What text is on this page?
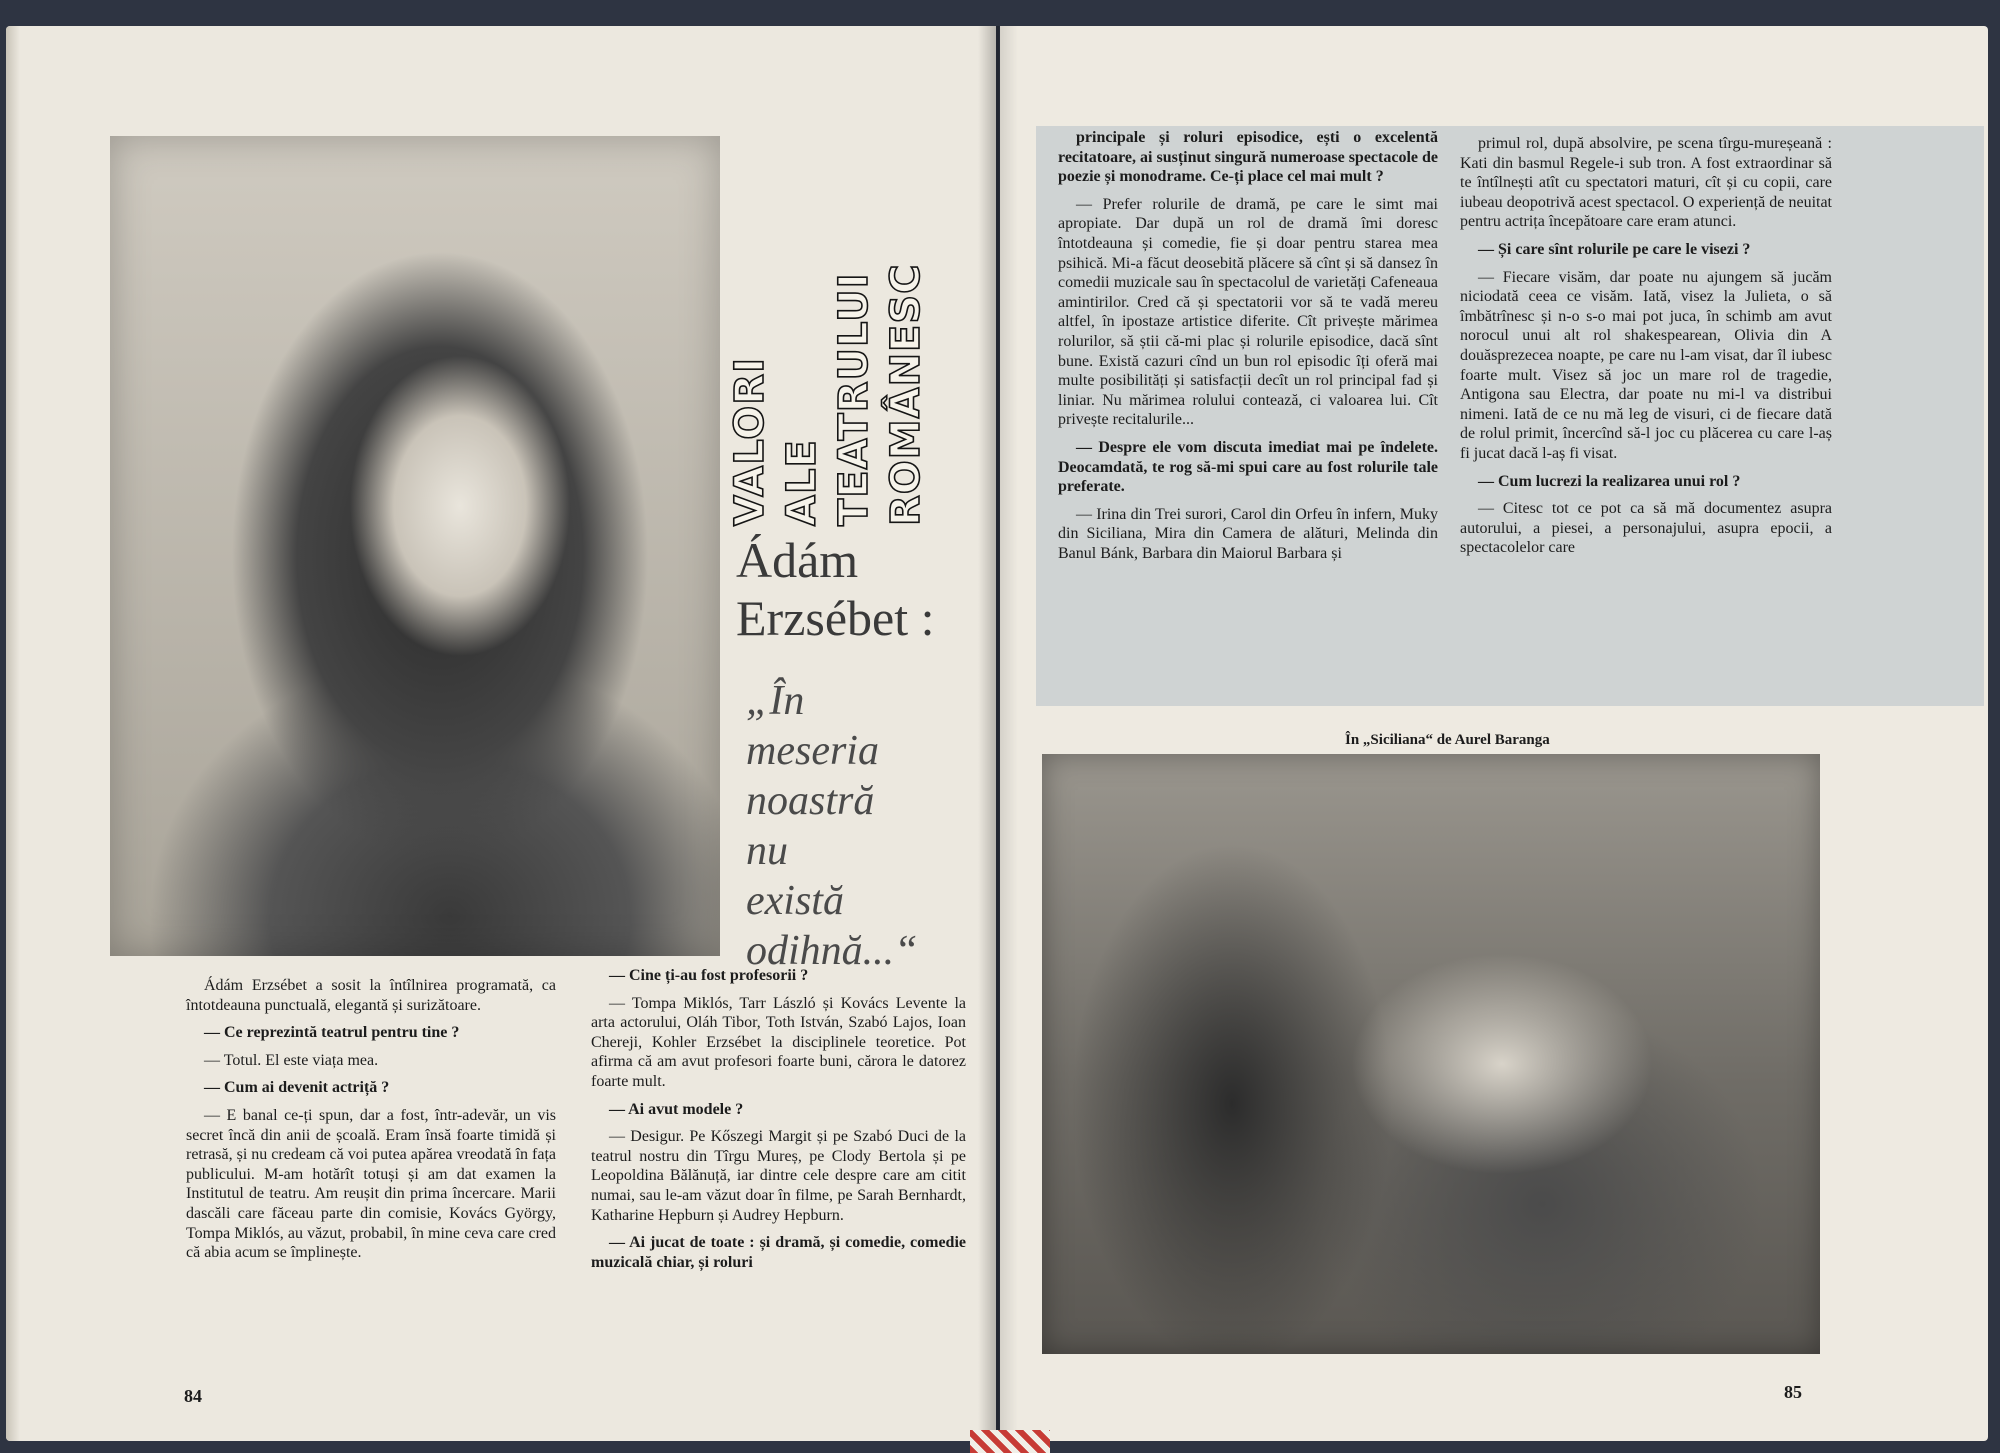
VALORI ALE TEATRULUI ROMÂNESC
Ádám
Erzsébet :
„În
meseria
noastră
nu
există
odihnă...“

Ádám Erzsébet a sosit la întîlnirea programată, ca întotdeauna punctuală, elegantă și surizătoare.

— Ce reprezintă teatrul pentru tine ?

— Totul. El este viața mea.

— Cum ai devenit actriță ?

— E banal ce-ți spun, dar a fost, într-adevăr, un vis secret încă din anii de școală. Eram însă foarte timidă și retrasă, și nu credeam că voi putea apărea vreodată în fața publicului. M-am hotărît totuși și am dat examen la Institutul de teatru. Am reușit din prima încercare. Marii dascăli care făceau parte din comisie, Kovács György, Tompa Miklós, au văzut, probabil, în mine ceva care cred că abia acum se împlinește.

— Cine ți-au fost profesorii ?

— Tompa Miklós, Tarr László și Kovács Levente la arta actorului, Oláh Tibor, Toth István, Szabó Lajos, Ioan Chereji, Kohler Erzsébet la disciplinele teoretice. Pot afirma că am avut profesori foarte buni, cărora le datorez foarte mult.

— Ai avut modele ?

— Desigur. Pe Kőszegi Margit și pe Szabó Duci de la teatrul nostru din Tîrgu Mureș, pe Clody Bertola și pe Leopoldina Bălănuță, iar dintre cele despre care am citit numai, sau le-am văzut doar în filme, pe Sarah Bernhardt, Katharine Hepburn și Audrey Hepburn.

— Ai jucat de toate : și dramă, și comedie, comedie muzicală chiar, și roluri

84

principale și roluri episodice, ești o excelentă recitatoare, ai susținut singură numeroase spectacole de poezie și monodrame. Ce-ți place cel mai mult ?

— Prefer rolurile de dramă, pe care le simt mai apropiate. Dar după un rol de dramă îmi doresc întotdeauna și comedie, fie și doar pentru starea mea psihică. Mi-a făcut deosebită plăcere să cînt și să dansez în comedii muzicale sau în spectacolul de varietăți Cafeneaua amintirilor. Cred că și spectatorii vor să te vadă mereu altfel, în ipostaze artistice diferite. Cît privește mărimea rolurilor, să știi că-mi plac și rolurile episodice, dacă sînt bune. Există cazuri cînd un bun rol episodic îți oferă mai multe posibilități și satisfacții decît un rol principal fad și liniar. Nu mărimea rolului contează, ci valoarea lui. Cît privește recitalurile...

— Despre ele vom discuta imediat mai pe îndelete. Deocamdată, te rog să-mi spui care au fost rolurile tale preferate.

— Irina din Trei surori, Carol din Orfeu în infern, Muky din Siciliana, Mira din Camera de alături, Melinda din Banul Bánk, Barbara din Maiorul Barbara și

primul rol, după absolvire, pe scena tîrgu-mureșeană : Kati din basmul Regele-i sub tron. A fost extraordinar să te întîlnești atît cu spectatori maturi, cît și cu copii, care iubeau deopotrivă acest spectacol. O experiență de neuitat pentru actrița începătoare care eram atunci.

— Și care sînt rolurile pe care le visezi ?

— Fiecare visăm, dar poate nu ajungem să jucăm niciodată ceea ce visăm. Iată, visez la Julieta, o să îmbătrînesc și n-o s-o mai pot juca, în schimb am avut norocul unui alt rol shakespearean, Olivia din A douăsprezecea noapte, pe care nu l-am visat, dar îl iubesc foarte mult. Visez să joc un mare rol de tragedie, Antigona sau Electra, dar poate nu mi-l va distribui nimeni. Iată de ce nu mă leg de visuri, ci de fiecare dată de rolul primit, încercînd să-l joc cu plăcerea cu care l-aș fi jucat dacă l-aș fi visat.

— Cum lucrezi la realizarea unui rol ?

— Citesc tot ce pot ca să mă documentez asupra autorului, a piesei, a personajului, asupra epocii, a spectacolelor care

În „Siciliana“ de Aurel Baranga
85
